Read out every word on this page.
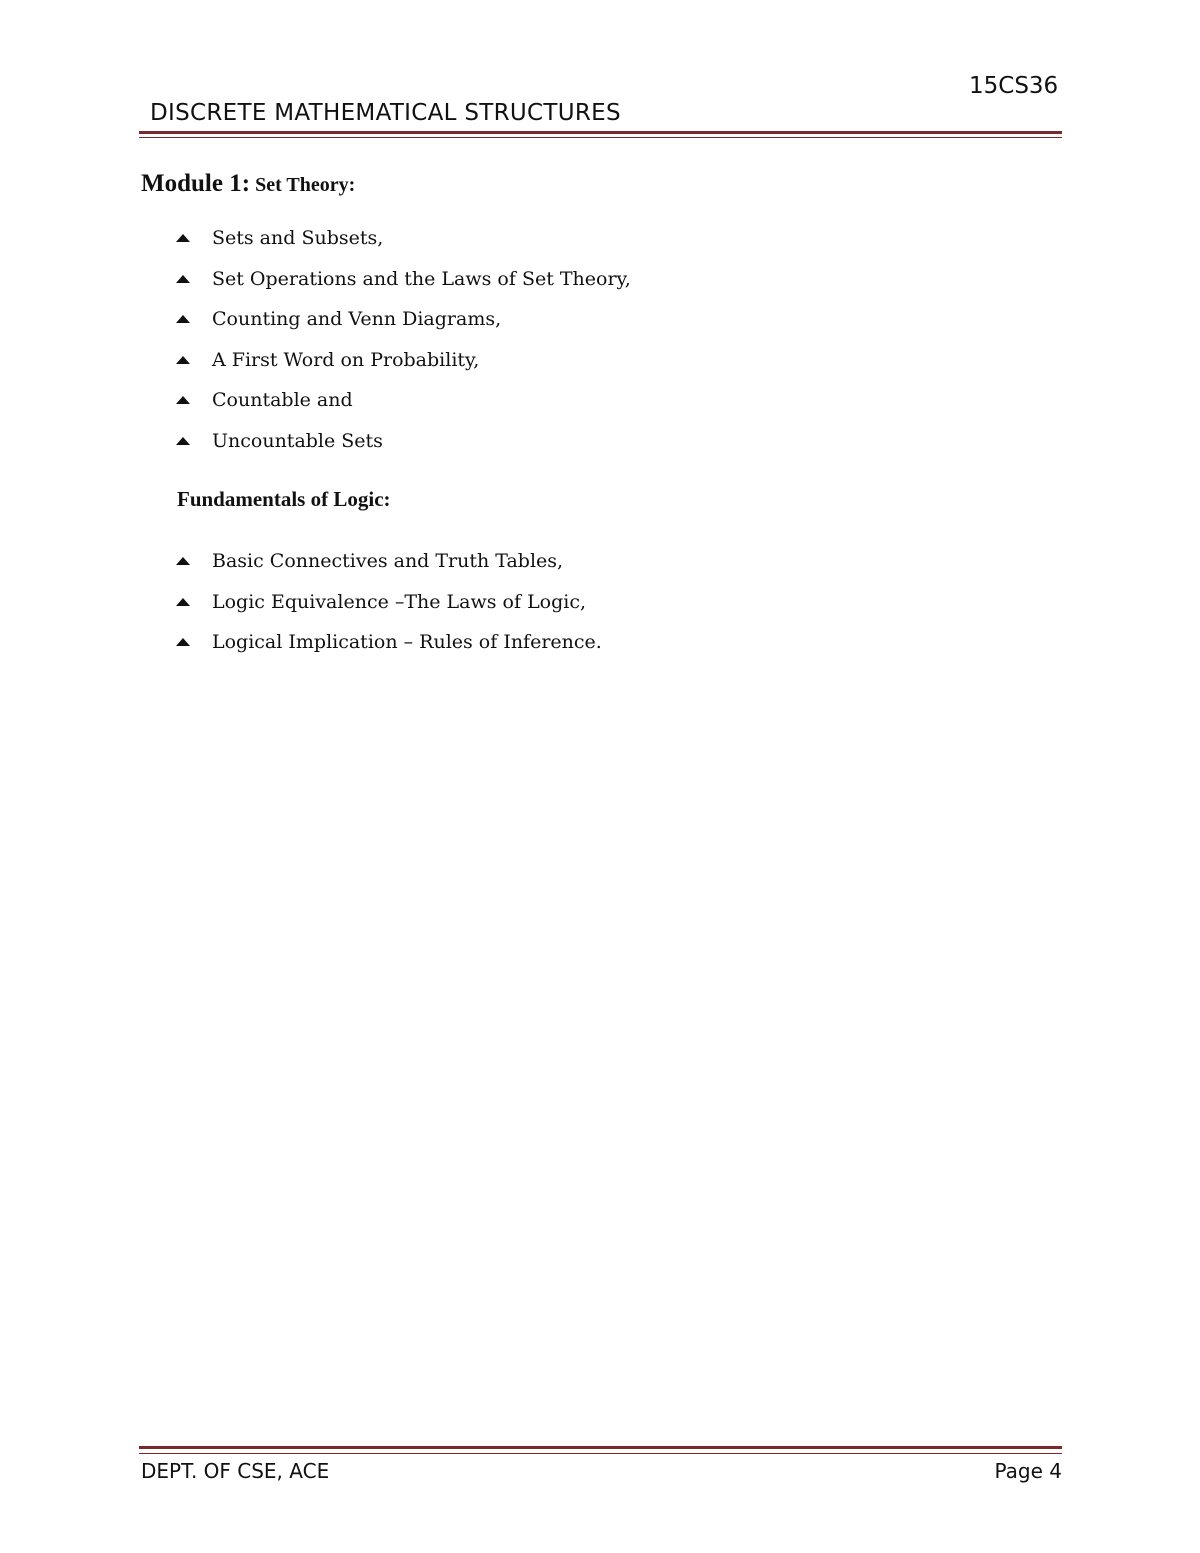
DISCRETE MATHEMATICAL STRUCTURES
15CS36
Module 1: Set Theory:
Sets and Subsets,
Set Operations and the Laws of Set Theory,
Counting and Venn Diagrams,
A First Word on Probability,
Countable and
Uncountable Sets
Fundamentals of Logic:
Basic Connectives and Truth Tables,
Logic Equivalence –The Laws of Logic,
Logical Implication – Rules of Inference.
DEPT. OF CSE, ACE	Page 4
